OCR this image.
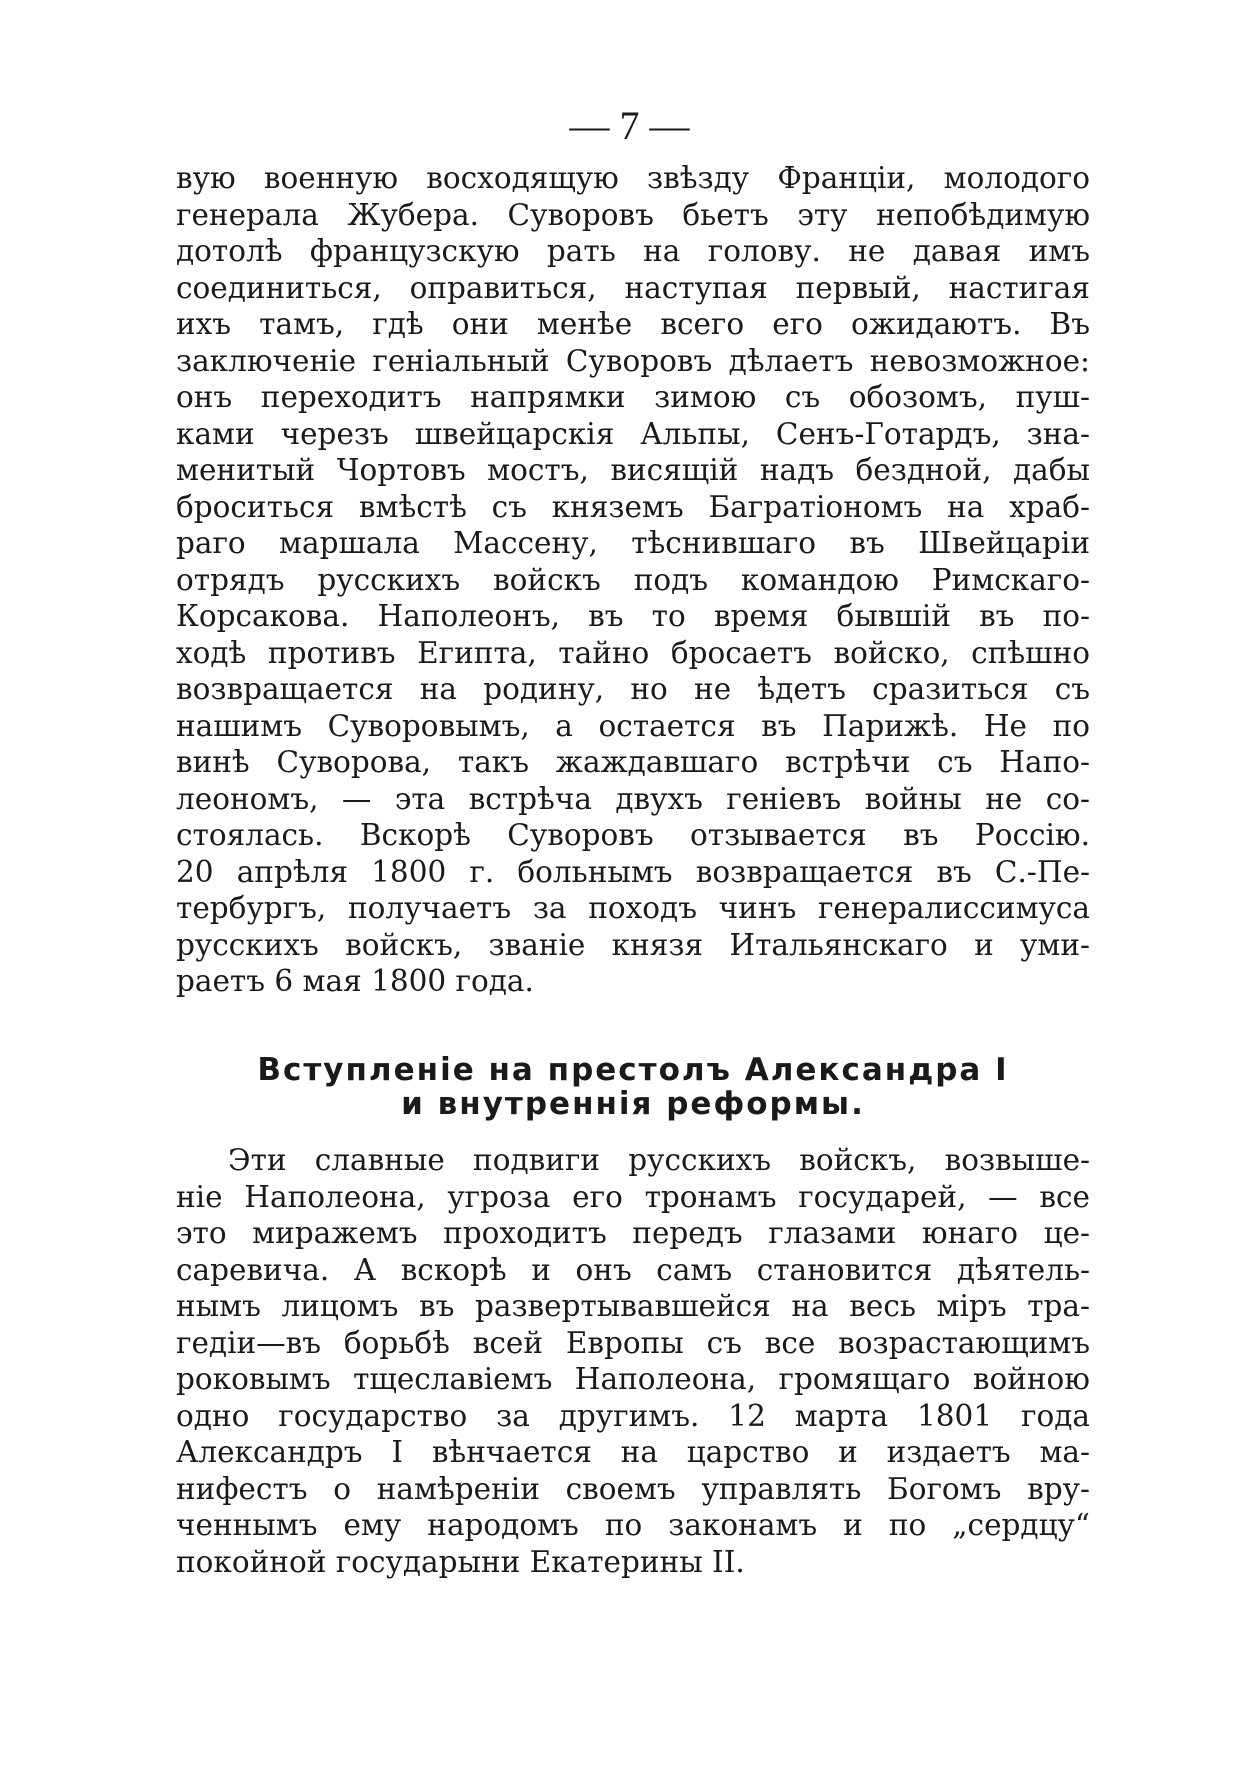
— 7 —
вую военную восходящую звѣзду Франціи, молодого
генерала Жубера. Суворовъ бьетъ эту непобѣдимую
дотолѣ французскую рать на голову. не давая имъ
соединиться, оправиться, наступая первый, настигая
ихъ тамъ, гдѣ они менѣе всего его ожидаютъ. Въ
заключеніе геніальный Суворовъ дѣлаетъ невозможное:
онъ переходитъ напрямки зимою съ обозомъ, пуш-
ками черезъ швейцарскія Альпы, Сенъ-Готардъ, зна-
менитый Чортовъ мостъ, висящій надъ бездной, дабы
броситься вмѣстѣ съ княземъ Багратіономъ на храб-
раго маршала Массену, тѣснившаго въ Швейцаріи
отрядъ русскихъ войскъ подъ командою Римскаго-
Корсакова. Наполеонъ, въ то время бывшій въ по-
ходѣ противъ Египта, тайно бросаетъ войско, спѣшно
возвращается на родину, но не ѣдетъ сразиться съ
нашимъ Суворовымъ, а остается въ Парижѣ. Не по
винѣ Суворова, такъ жаждавшаго встрѣчи съ Напо-
леономъ, — эта встрѣча двухъ геніевъ войны не со-
стоялась. Вскорѣ Суворовъ отзывается въ Россію.
20 апрѣля 1800 г. больнымъ возвращается въ С.-Пе-
тербургъ, получаетъ за походъ чинъ генералиссимуса
русскихъ войскъ, званіе князя Итальянскаго и уми-
раетъ 6 мая 1800 года.
Вступленіе на престолъ Александра I
и внутреннія реформы.
Эти славные подвиги русскихъ войскъ, возвыше-
ніе Наполеона, угроза его тронамъ государей, — все
это миражемъ проходитъ передъ глазами юнаго це-
саревича. А вскорѣ и онъ самъ становится дѣятель-
нымъ лицомъ въ развертывавшейся на весь міръ тра-
гедіи—въ борьбѣ всей Европы съ все возрастающимъ
роковымъ тщеславіемъ Наполеона, громящаго войною
одно государство за другимъ. 12 марта 1801 года
Александръ I вѣнчается на царство и издаетъ ма-
нифестъ о намѣреніи своемъ управлять Богомъ вру-
ченнымъ ему народомъ по законамъ и по „сердцу“
покойной государыни Екатерины II.
